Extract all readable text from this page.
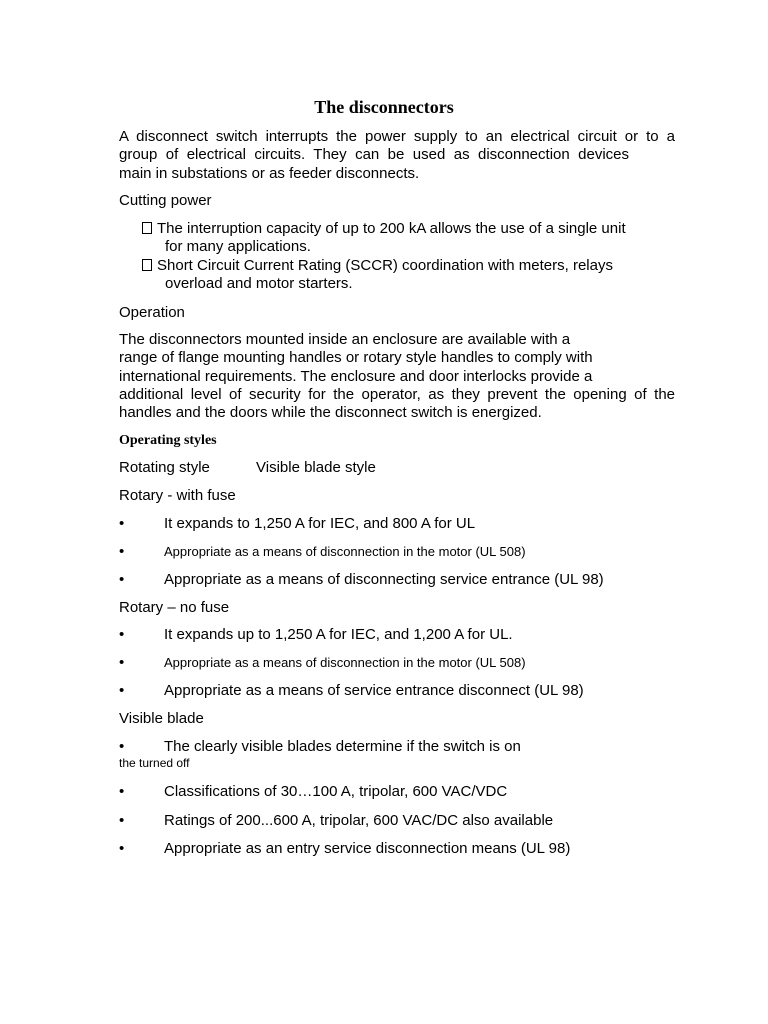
The disconnectors
A disconnect switch interrupts the power supply to an electrical circuit or to a
group of electrical circuits. They can be used as disconnection devices
main in substations or as feeder disconnects.

Cutting power

The interruption capacity of up to 200 kA allows the use of a single unit
for many applications.
Short Circuit Current Rating (SCCR) coordination with meters, relays
overload and motor starters.

Operation

The disconnectors mounted inside an enclosure are available with a
range of flange mounting handles or rotary style handles to comply with
international requirements. The enclosure and door interlocks provide a
additional level of security for the operator, as they prevent the opening of the
handles and the doors while the disconnect switch is energized.

Operating styles

Rotating style	Visible blade style

Rotary - with fuse

•	It expands to 1,250 A for IEC, and 800 A for UL

•	Appropriate as a means of disconnection in the motor (UL 508)

•	Appropriate as a means of disconnecting service entrance (UL 98)

Rotary – no fuse

•	It expands up to 1,250 A for IEC, and 1,200 A for UL.

•	Appropriate as a means of disconnection in the motor (UL 508)

•	Appropriate as a means of service entrance disconnect (UL 98)

Visible blade

•	The clearly visible blades determine if the switch is on

the turned off

•	Classifications of 30…100 A, tripolar, 600 VAC/VDC

•	Ratings of 200...600 A, tripolar, 600 VAC/DC also available

•	Appropriate as an entry service disconnection means (UL 98)
